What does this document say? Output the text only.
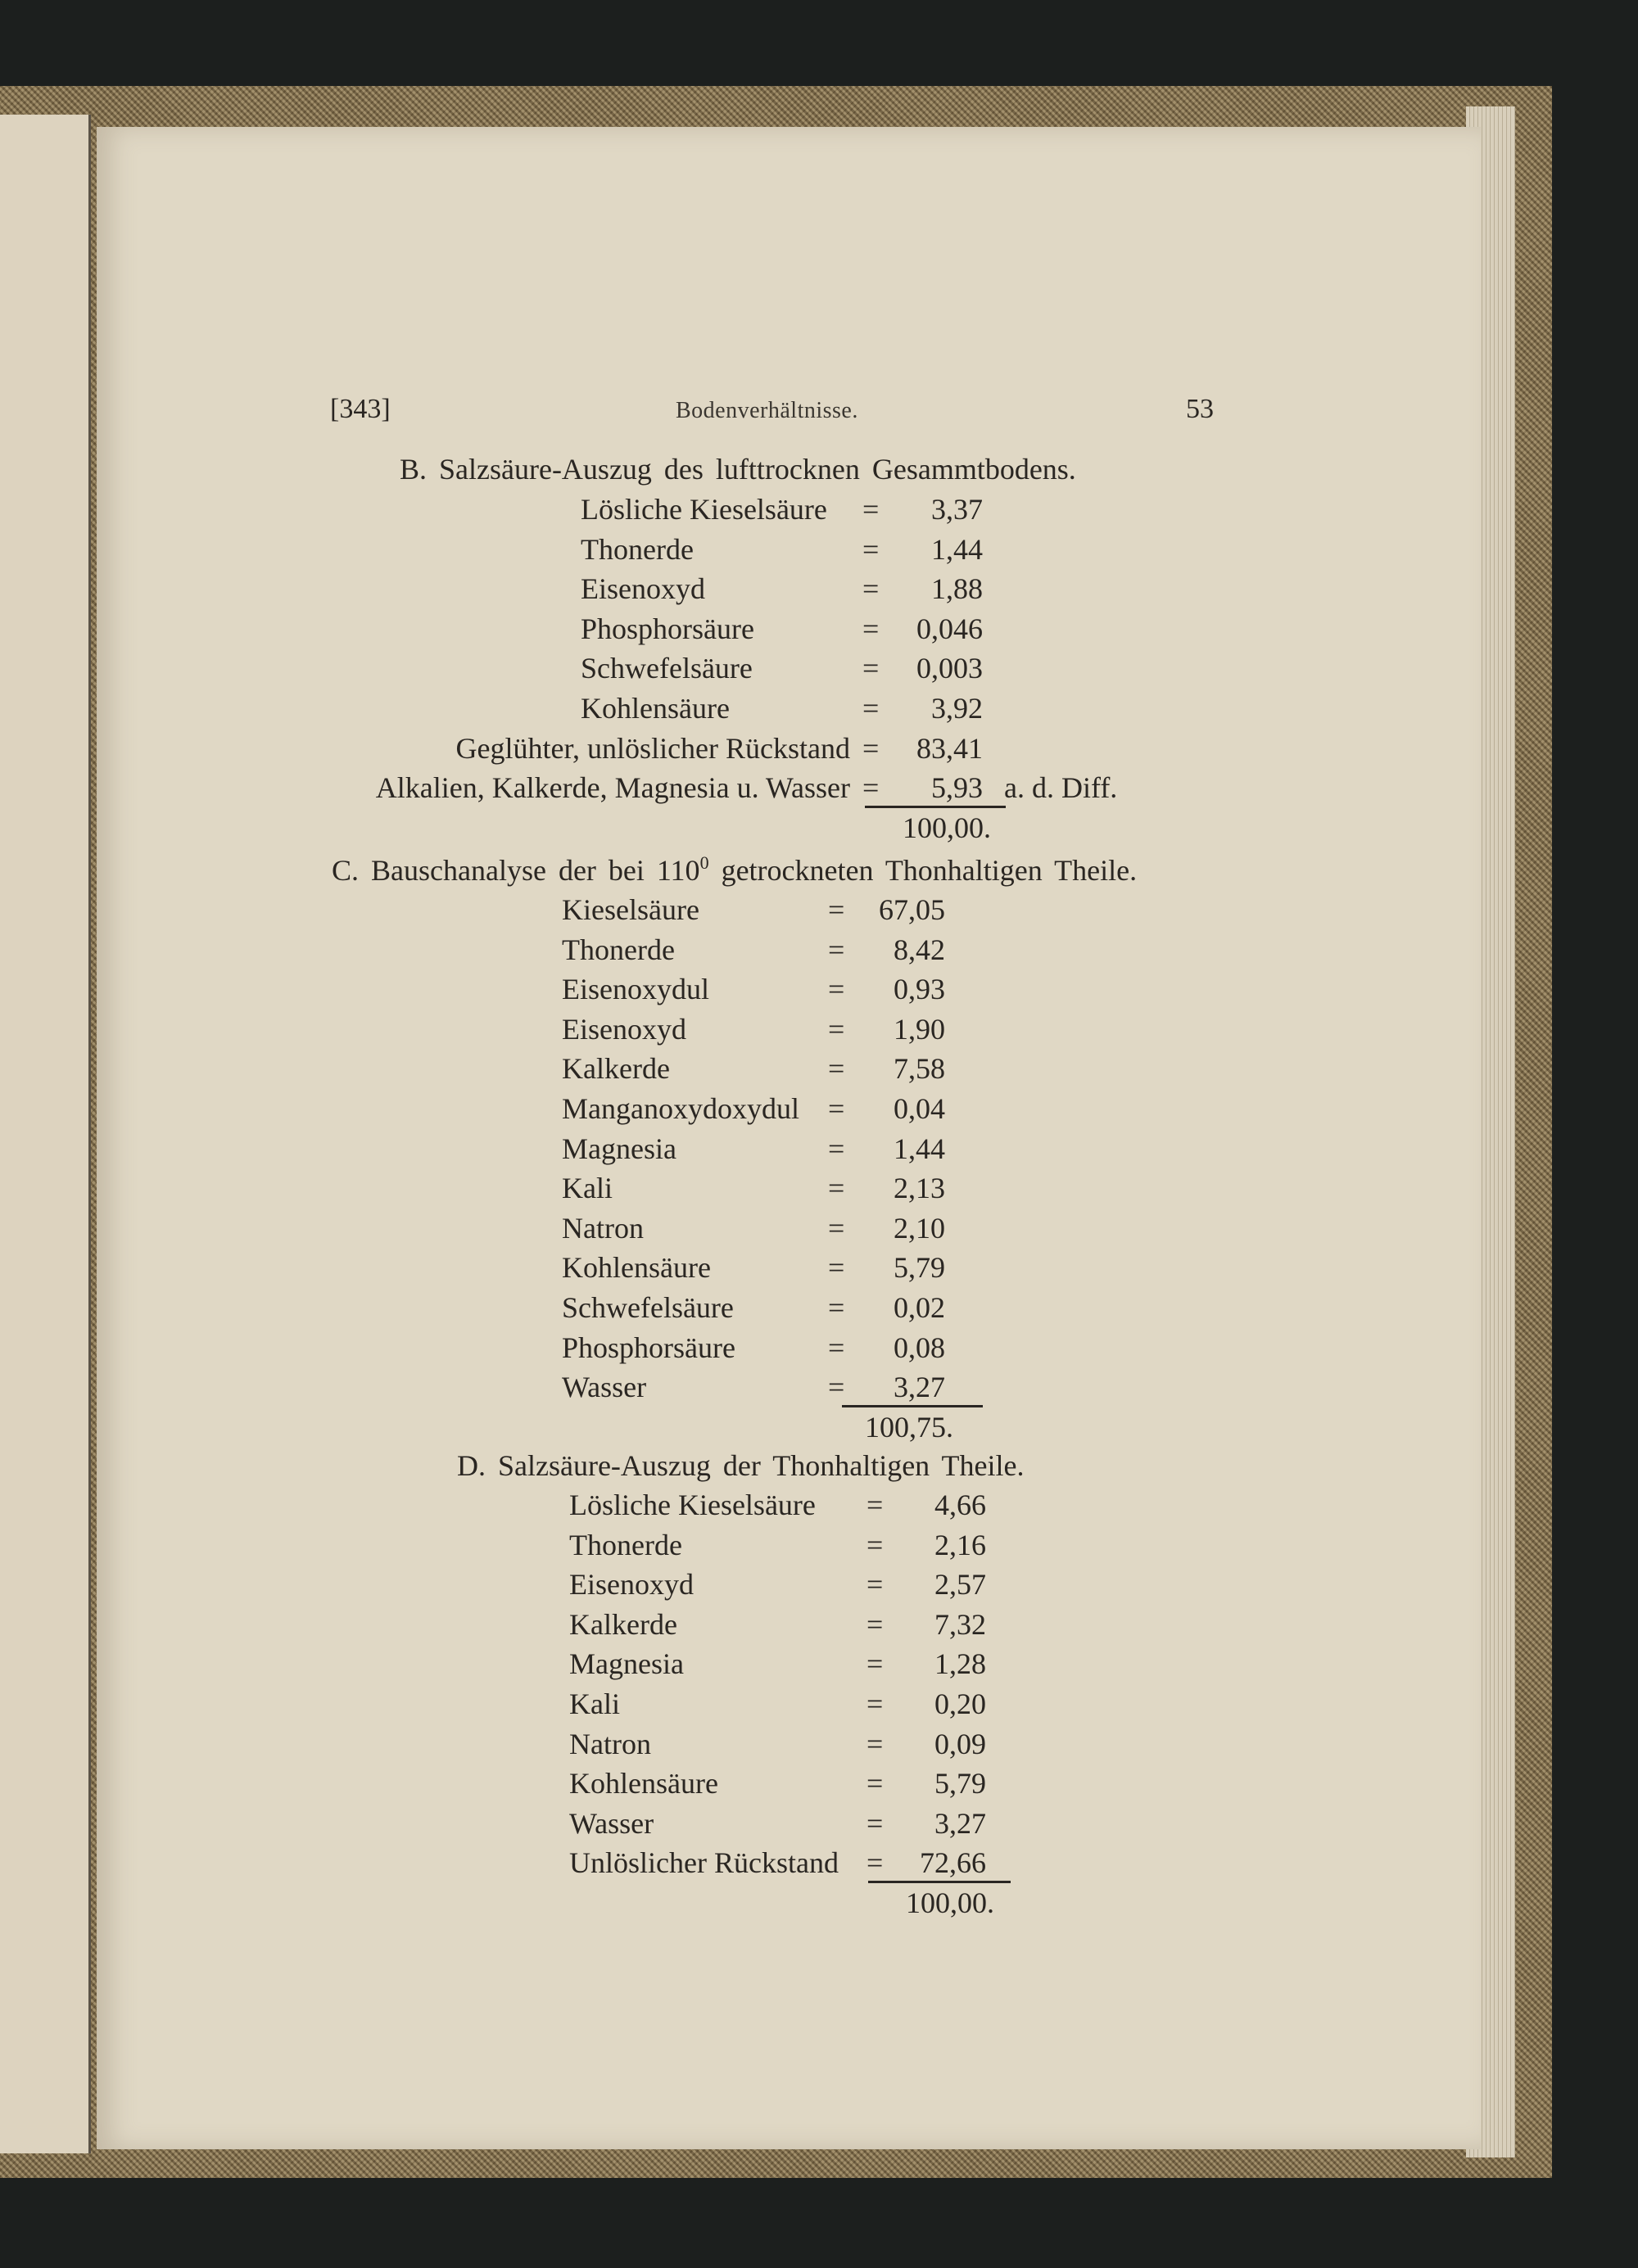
[343]	Bodenverhältnisse.	53
B. Salzsäure-Auszug des lufttrocknen Gesammtbodens.
Lösliche Kieselsäure = 3,37
Thonerde	= 1,44
Eisenoxyd	= 1,88
Phosphorsäure	= 0,046
Schwefelsäure	= 0,003
Kohlensäure	= 3,92
Geglühter, unlöslicher Rückstand = 83,41
Alkalien, Kalkerde, Magnesia u. Wasser = 5,93 a. d. Diff.
100,00.
C. Bauschanalyse der bei $110^0$ getrockneten Thonhaltigen Theile.
Kieselsäure	= 67,05
Thonerde	= 8,42
Eisenoxydul	= 0,93
Eisenoxyd	= 1,90
Kalkerde	= 7,58
Manganoxydoxydul = 0,04
Magnesia	= 1,44
Kali	= 2,13
Natron	= 2,10
Kohlensäure	= 5,79
Schwefelsäure	= 0,02
Phosphorsäure	= 0,08
Wasser	= 3,27
100,75.
D. Salzsäure-Auszug der Thonhaltigen Theile.
Lösliche Kieselsäure = 4,66
Thonerde	= 2,16
Eisenoxyd	= 2,57
Kalkerde	= 7,32
Magnesia	= 1,28
Kali	= 0,20
Natron	= 0,09
Kohlensäure	= 5,79
Wasser	= 3,27
Unlöslicher Rückstand = 72,66
100,00.
